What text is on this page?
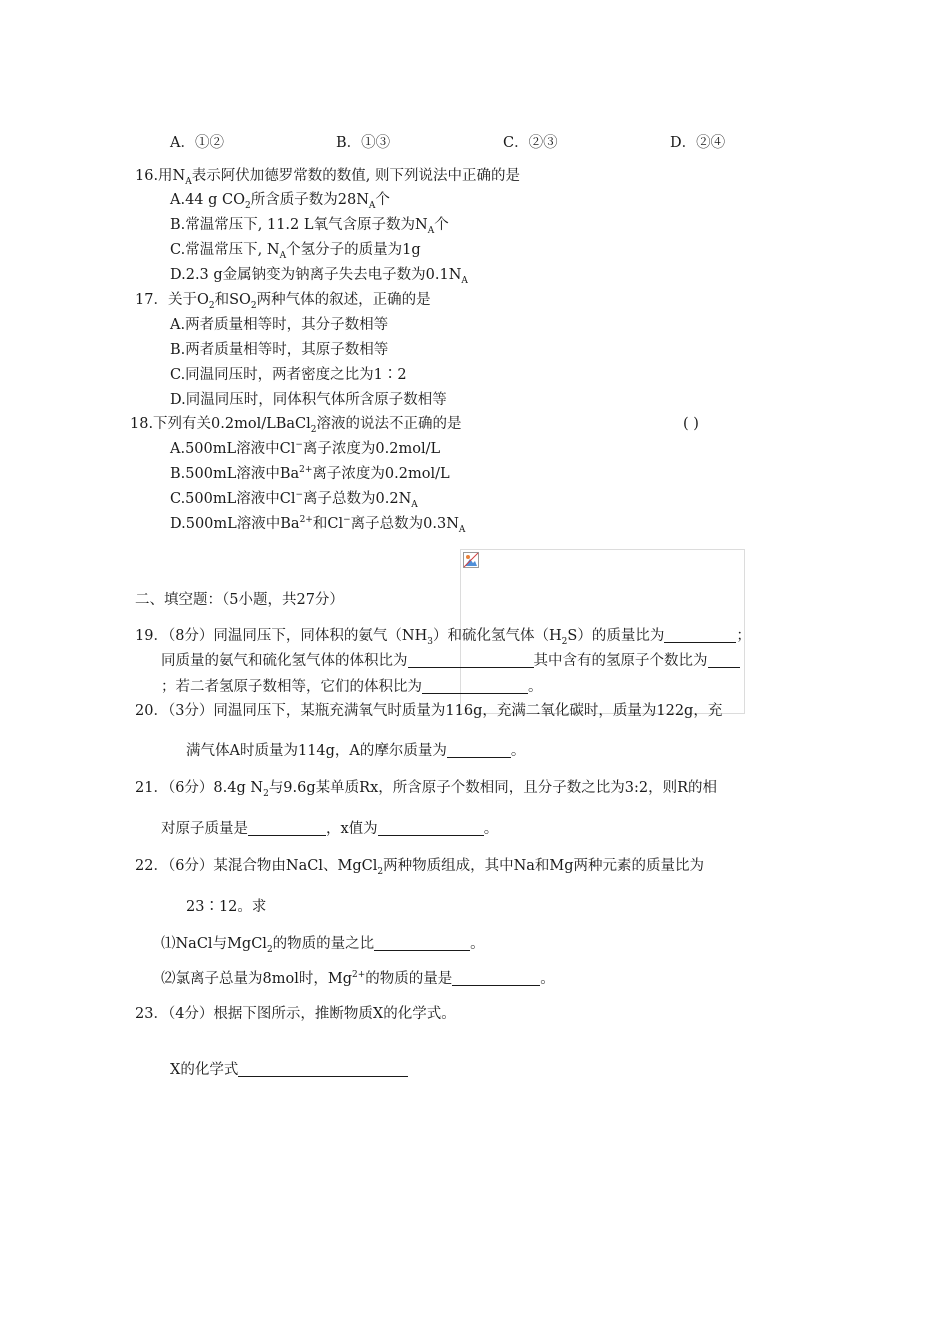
A．①②	B．①③	C．②③	D．②④
16.用$N_A$表示阿伏加德罗常数的数值, 则下列说法中正确的是
A.44 g $CO_2$所含质子数为$28N_A$个
B.常温常压下, 11.2 L氧气含原子数为$N_A$个
C.常温常压下, $N_A$个氢分子的质量为1g
D.2.3 g金属钠变为钠离子失去电子数为$0.1N_A$
17．关于$O_2$和$SO_2$两种气体的叙述，正确的是
A.两者质量相等时，其分子数相等
B.两者质量相等时，其原子数相等
C.同温同压时，两者密度之比为1∶2
D.同温同压时，同体积气体所含原子数相等
18.下列有关0.2mol/LBaCl$_2$溶液的说法不正确的是	( )
A.500mL溶液中Cl−离子浓度为0.2mol/L
B.500mL溶液中$Ba^{2+}$离子浓度为0.2mol/L
C.500mL溶液中Cl−离子总数为$0.2N_A$
D.500mL溶液中$Ba^{2+}$和Cl−离子总数为$0.3N_A$
二、填空题：（5小题，共27分）
19．（8分）同温同压下，同体积的氨气$(NH_3)$和硫化氢气体$(H_2S)$的质量比为	；
同质量的氨气和硫化氢气体的体积比为	其中含有的氢原子个数比为
；若二者氢原子数相等，它们的体积比为	。
20．（3分）同温同压下，某瓶充满氧气时质量为116g，充满二氧化碳时，质量为122g，充
满气体A时质量为114g，A的摩尔质量为	。
21．（6分）8.4g $N_2$与9.6g某单质Rx，所含原子个数相同，且分子数之比为3:2，则R的相
对原子质量是	，x值为	。
22．（6分）某混合物由NaCl、MgCl$_2$两种物质组成，其中Na和Mg两种元素的质量比为
23∶12。求
⑴NaCl与MgCl$_2$的物质的量之比	。
⑵氯离子总量为8mol时，$Mg^{2+}$的物质的量是	。
23．（4分）根据下图所示，推断物质X的化学式。
X的化学式
